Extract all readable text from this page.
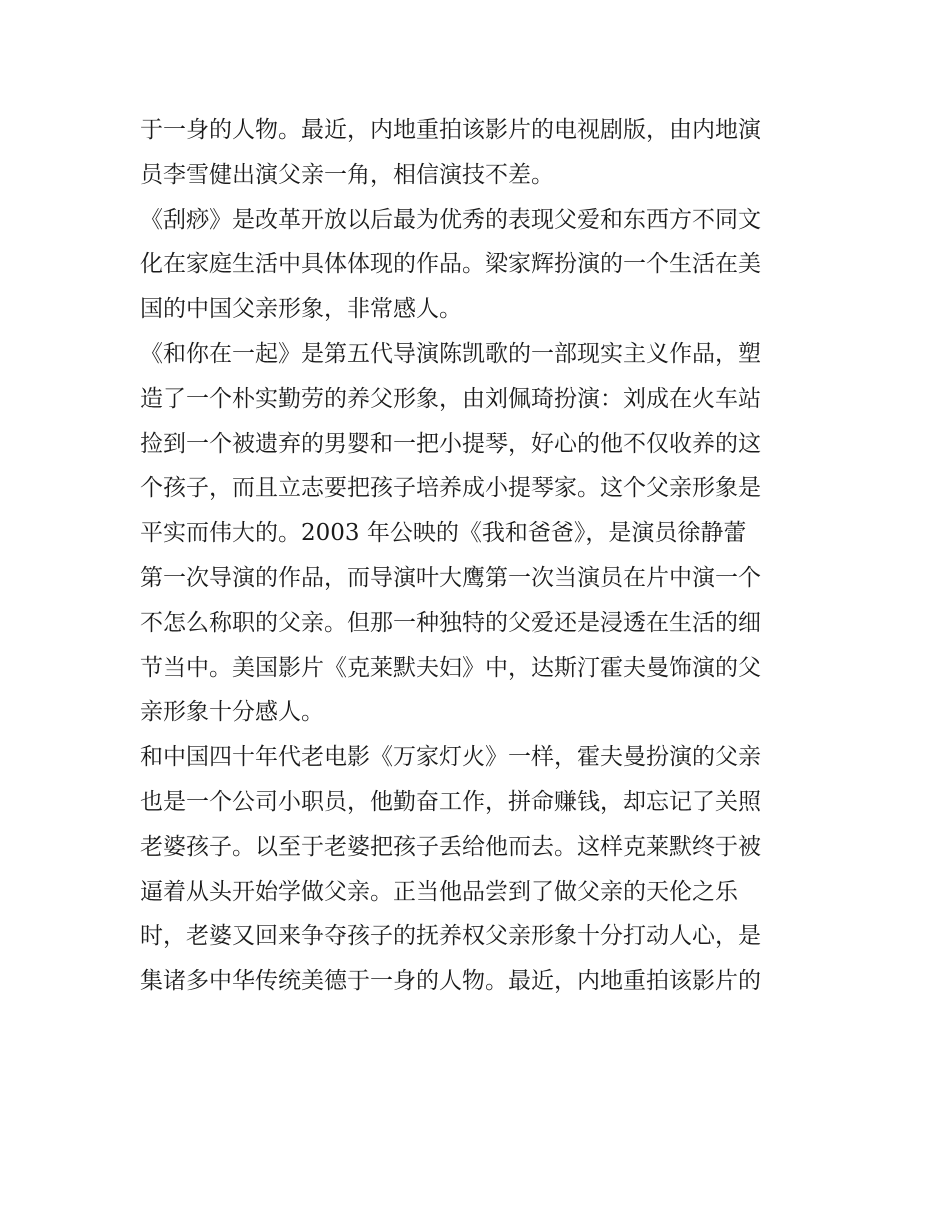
于一身的人物。最近，内地重拍该影片的电视剧版，由内地演
员李雪健出演父亲一角，相信演技不差。
《刮痧》是改革开放以后最为优秀的表现父爱和东西方不同文
化在家庭生活中具体体现的作品。梁家辉扮演的一个生活在美
国的中国父亲形象，非常感人。
《和你在一起》是第五代导演陈凯歌的一部现实主义作品，塑
造了一个朴实勤劳的养父形象，由刘佩琦扮演：刘成在火车站
捡到一个被遗弃的男婴和一把小提琴，好心的他不仅收养的这
个孩子，而且立志要把孩子培养成小提琴家。这个父亲形象是
平实而伟大的。2003 年公映的《我和爸爸》，是演员徐静蕾
第一次导演的作品，而导演叶大鹰第一次当演员在片中演一个
不怎么称职的父亲。但那一种独特的父爱还是浸透在生活的细
节当中。美国影片《克莱默夫妇》中，达斯汀霍夫曼饰演的父
亲形象十分感人。
和中国四十年代老电影《万家灯火》一样，霍夫曼扮演的父亲
也是一个公司小职员，他勤奋工作，拼命赚钱，却忘记了关照
老婆孩子。以至于老婆把孩子丢给他而去。这样克莱默终于被
逼着从头开始学做父亲。正当他品尝到了做父亲的天伦之乐
时，老婆又回来争夺孩子的抚养权父亲形象十分打动人心，是
集诸多中华传统美德于一身的人物。最近，内地重拍该影片的
